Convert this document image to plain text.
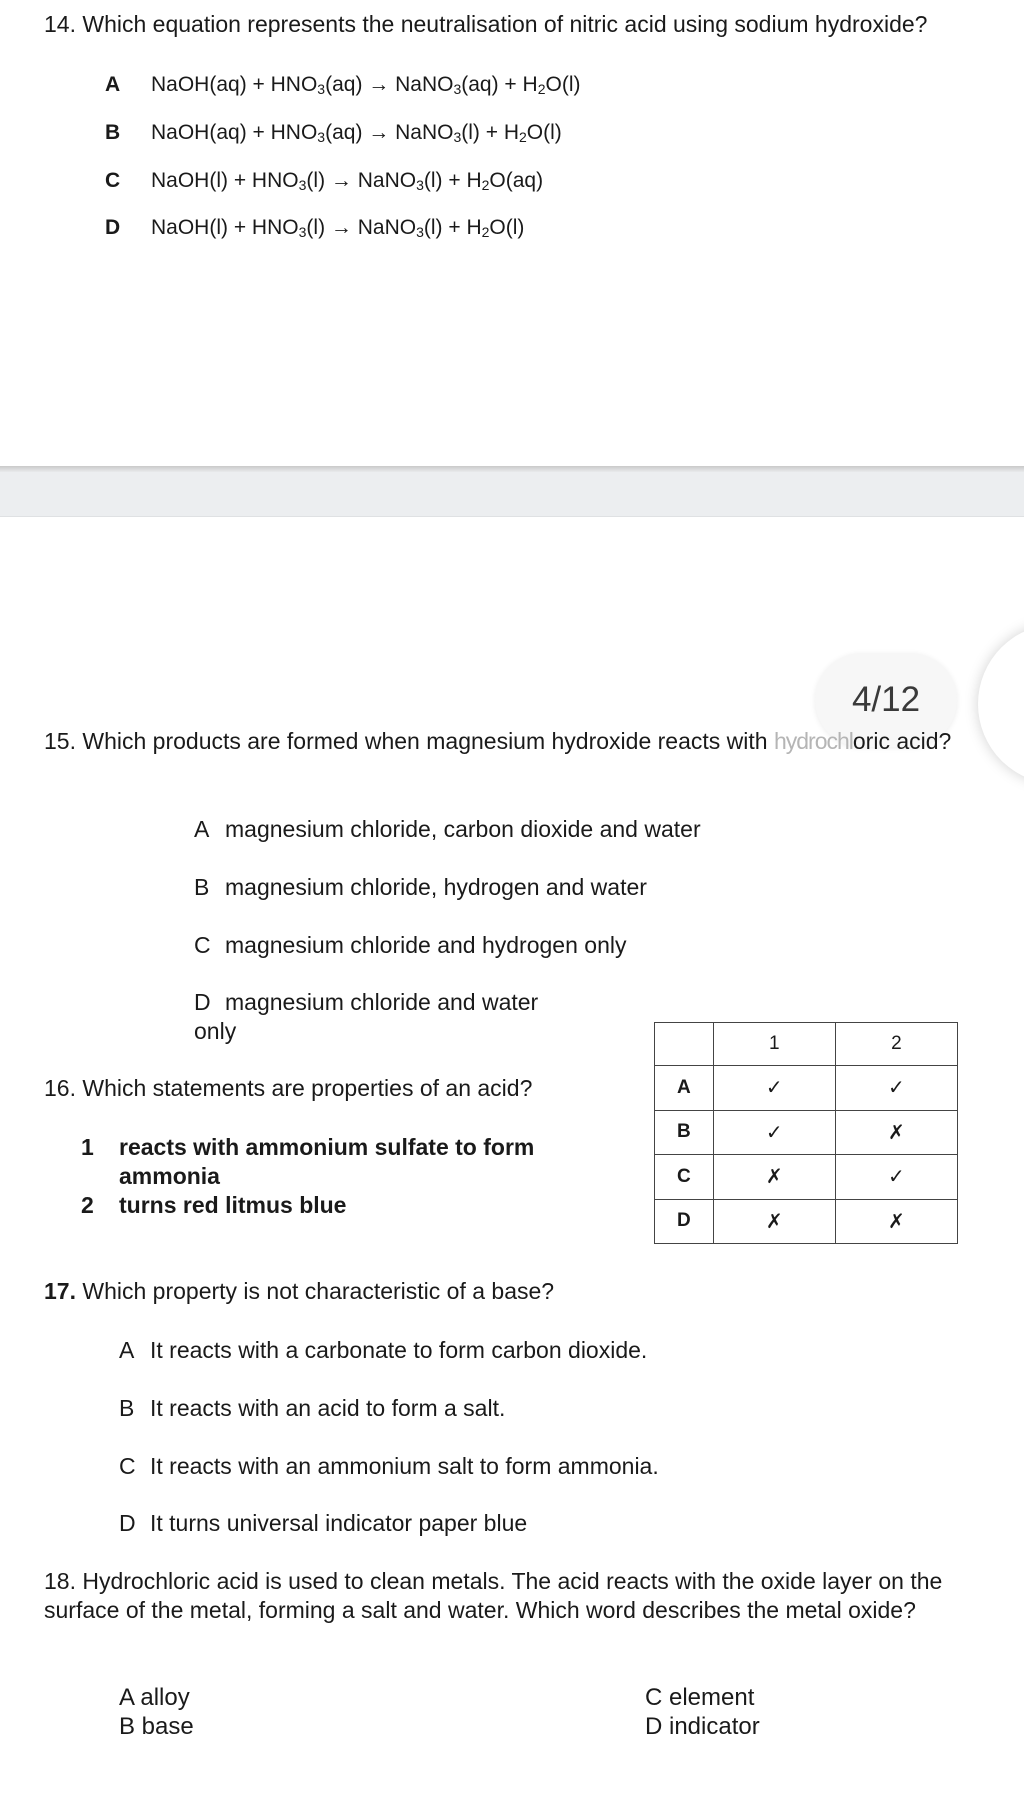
14. Which equation represents the neutralisation of nitric acid using sodium hydroxide?
A NaOH(aq) + $HNO_3(aq)$ → NaNO$_3$(aq) + $H_2O(l)$
B NaOH(aq) + $HNO_3(aq)$ → NaNO$_3$(l) + $H_2O(l)$
C NaOH(l) + $HNO_3(l)$ → NaNO$_3$(l) + $H_2O(aq)$
D NaOH(l) + $HNO_3(l)$ → NaNO$_3$(l) + $H_2O(l)$
4/12
15. Which products are formed when magnesium hydroxide reacts with hydrochloric acid?
A magnesium chloride, carbon dioxide and water
B magnesium chloride, hydrogen and water
C magnesium chloride and hydrogen only
D magnesium chloride and water
only
16. Which statements are properties of an acid?
1 reacts with ammonium sulfate to form ammonia
2 turns red litmus blue
	1	2
A	✓	✓
B	✓	✗
C	✗	✓
D	✗	✗
17. Which property is not characteristic of a base?
A It reacts with a carbonate to form carbon dioxide.
B It reacts with an acid to form a salt.
C It reacts with an ammonium salt to form ammonia.
D It turns universal indicator paper blue
18. Hydrochloric acid is used to clean metals. The acid reacts with the oxide layer on the surface of the metal, forming a salt and water. Which word describes the metal oxide?
A alloy
B base
C element
D indicator
